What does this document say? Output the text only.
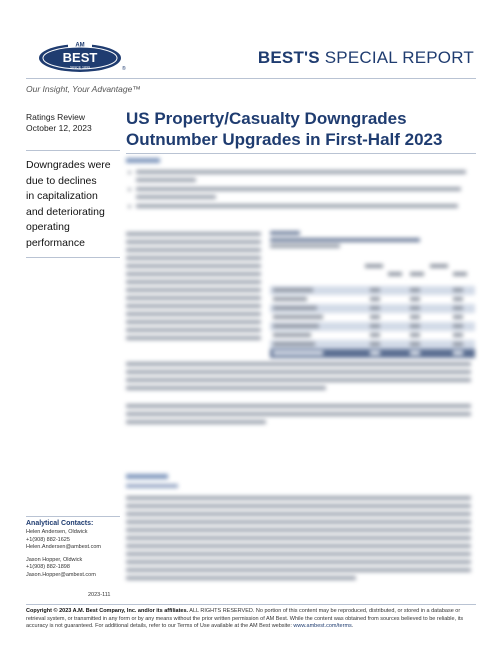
AM
BEST
SINCE 1899	®
BEST'S SPECIAL REPORT
Our Insight, Your Advantage™
Ratings Review
October 12, 2023	US Property/Casualty Downgrades
Outnumber Upgrades in First-Half 2023
Downgrades were
due to declines
in capitalization
and deteriorating
operating
performance
Analytical Contacts:
Helen Andersen, Oldwick
+1(908) 882-1625
Helen.Andersen@ambest.com
Jason Hopper, Oldwick
+1(908) 882-1898
Jason.Hopper@ambest.com
2023-111
Copyright © 2023 A.M. Best Company, Inc. and/or its affiliates. ALL RIGHTS RESERVED. No portion of this content may be reproduced, distributed, or stored in a database or retrieval system, or transmitted in any form or by any means without the prior written permission of AM Best. While the content was obtained from sources believed to be reliable, its accuracy is not guaranteed. For additional details, refer to our Terms of Use available at the AM Best website: www.ambest.com/terms.
